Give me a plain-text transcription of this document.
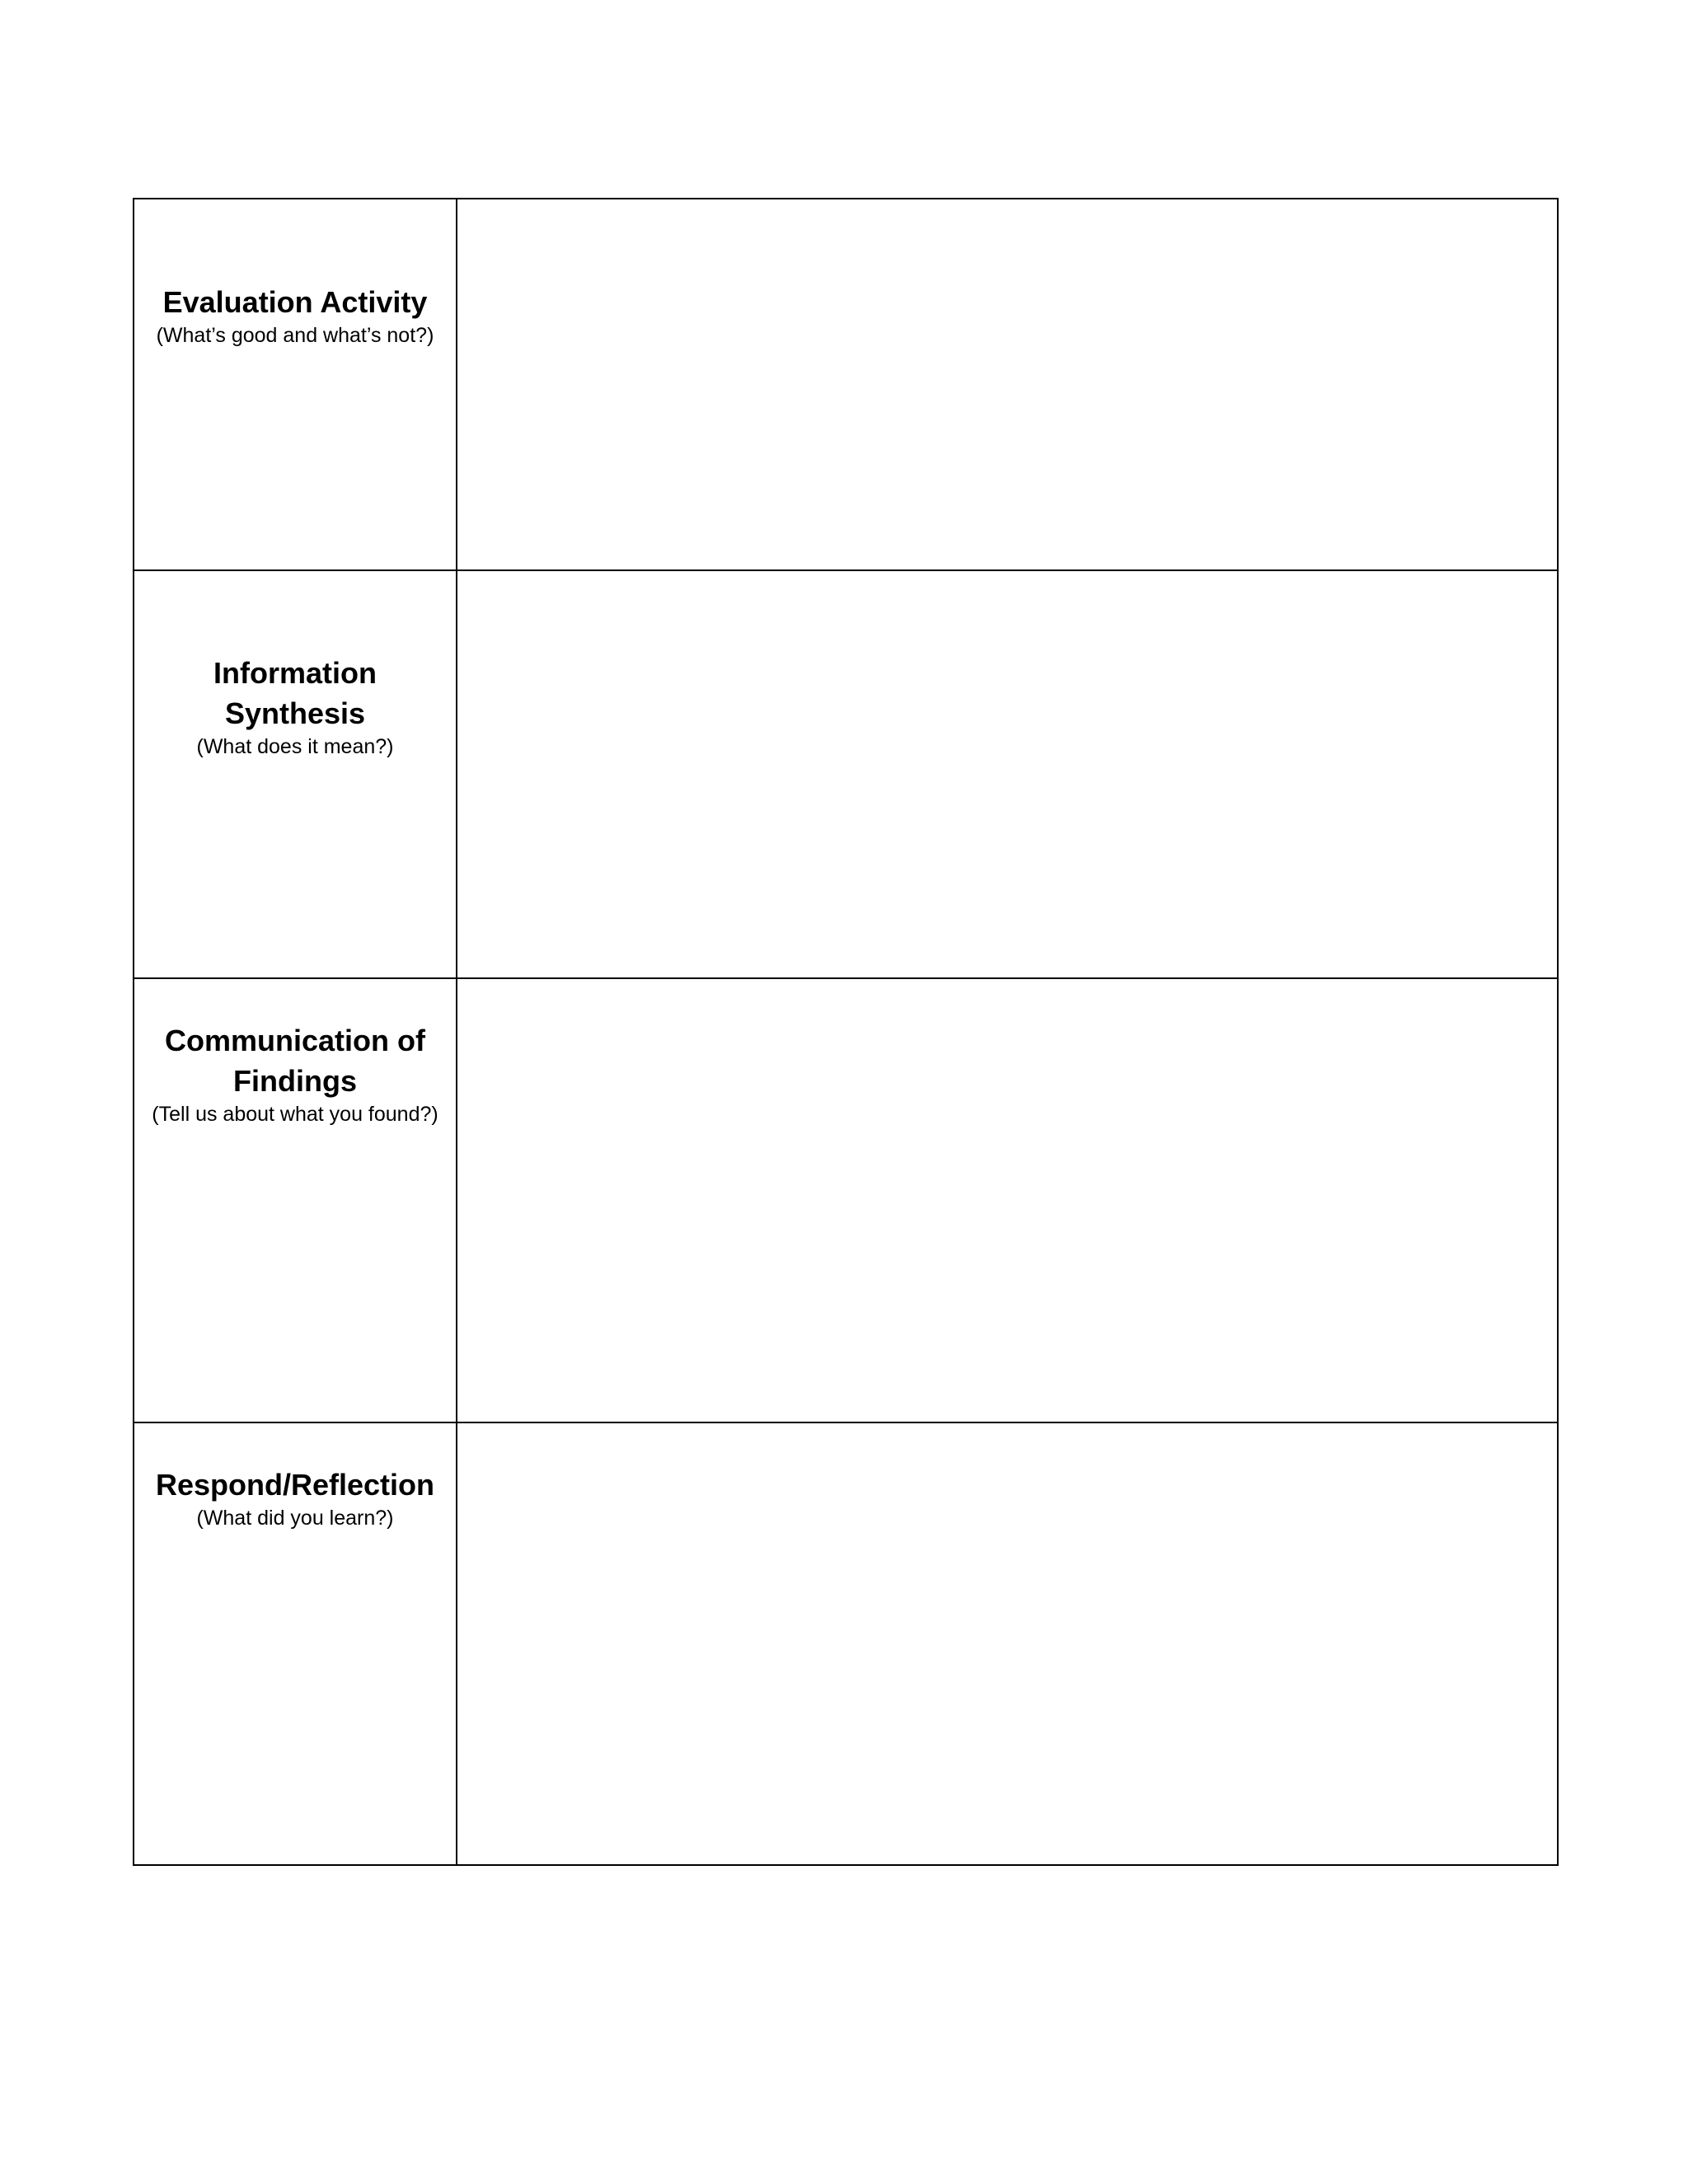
Evaluation Activity
(What’s good and what’s not?)
Information Synthesis
(What does it mean?)
Communication of Findings
(Tell us about what you found?)
Respond/Reflection
(What did you learn?)
